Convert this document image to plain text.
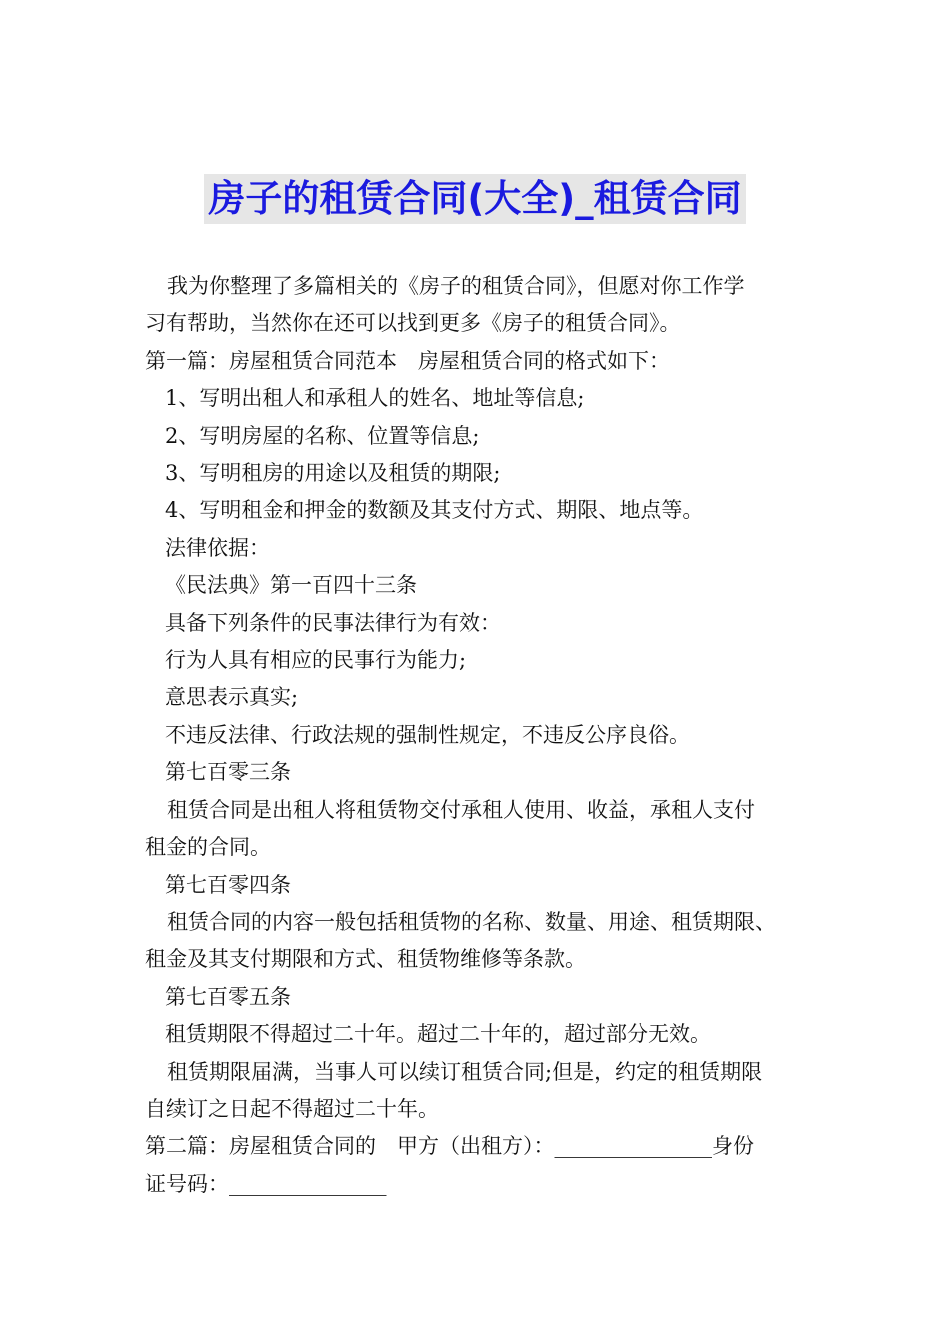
房子的租赁合同(大全)_租赁合同

我为你整理了多篇相关的《房子的租赁合同》，但愿对你工作学

习有帮助，当然你在还可以找到更多《房子的租赁合同》。

第一篇：房屋租赁合同范本　房屋租赁合同的格式如下：

1、写明出租人和承租人的姓名、地址等信息;

2、写明房屋的名称、位置等信息;

3、写明租房的用途以及租赁的期限;

4、写明租金和押金的数额及其支付方式、期限、地点等。

法律依据：

《民法典》第一百四十三条

具备下列条件的民事法律行为有效：

行为人具有相应的民事行为能力;

意思表示真实;

不违反法律、行政法规的强制性规定，不违反公序良俗。

第七百零三条

租赁合同是出租人将租赁物交付承租人使用、收益，承租人支付

租金的合同。

第七百零四条

租赁合同的内容一般包括租赁物的名称、数量、用途、租赁期限、

租金及其支付期限和方式、租赁物维修等条款。

第七百零五条

租赁期限不得超过二十年。超过二十年的，超过部分无效。

租赁期限届满，当事人可以续订租赁合同;但是，约定的租赁期限

自续订之日起不得超过二十年。

第二篇：房屋租赁合同的　甲方（出租方）：_______________身份

证号码：_______________
